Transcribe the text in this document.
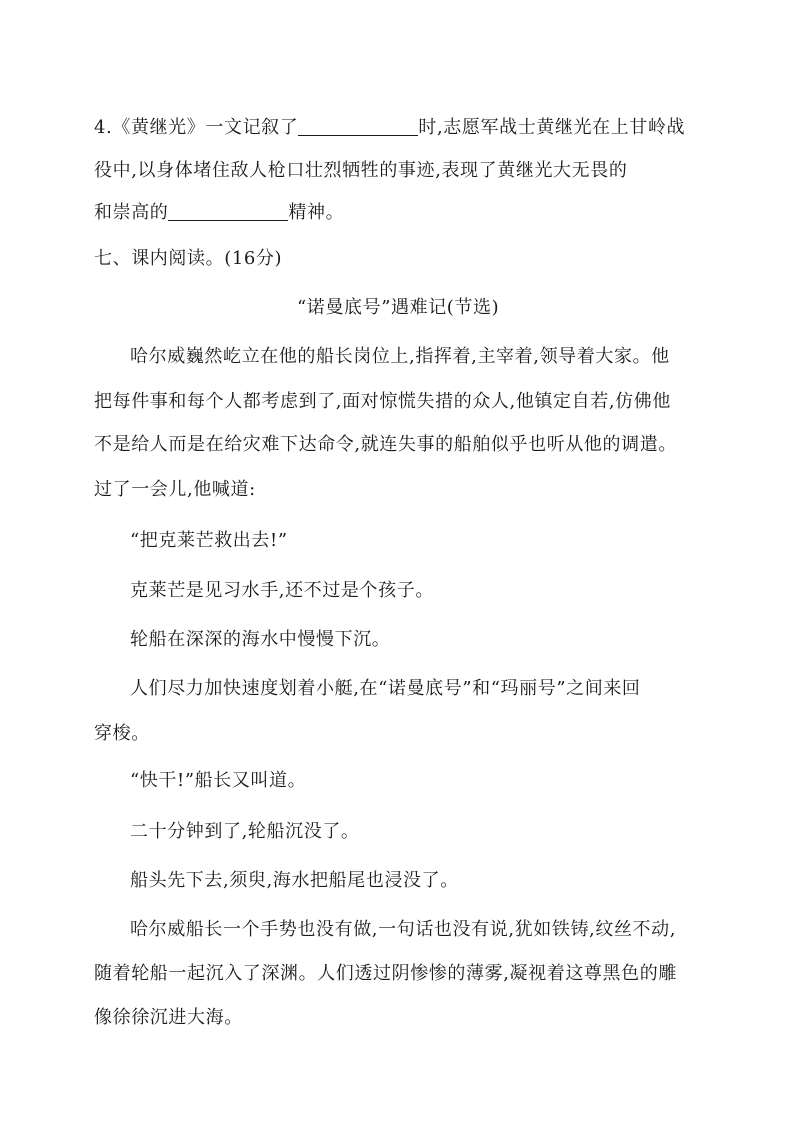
4.《黄继光》一文记叙了	时,志愿军战士黄继光在上甘岭战
役中,以身体堵住敌人枪口壮烈牺牲的事迹,表现了黄继光大无畏的
和崇高的	精神。
七、课内阅读。(16分)
“诺曼底号”遇难记(节选)
哈尔威巍然屹立在他的船长岗位上,指挥着,主宰着,领导着大家。他
把每件事和每个人都考虑到了,面对惊慌失措的众人,他镇定自若,仿佛他
不是给人而是在给灾难下达命令,就连失事的船舶似乎也听从他的调遣。
过了一会儿,他喊道:
“把克莱芒救出去!”
克莱芒是见习水手,还不过是个孩子。
轮船在深深的海水中慢慢下沉。
人们尽力加快速度划着小艇,在“诺曼底号”和“玛丽号”之间来回
穿梭。
“快干!”船长又叫道。
二十分钟到了,轮船沉没了。
船头先下去,须臾,海水把船尾也浸没了。
哈尔威船长一个手势也没有做,一句话也没有说,犹如铁铸,纹丝不动,
随着轮船一起沉入了深渊。人们透过阴惨惨的薄雾,凝视着这尊黑色的雕
像徐徐沉进大海。
